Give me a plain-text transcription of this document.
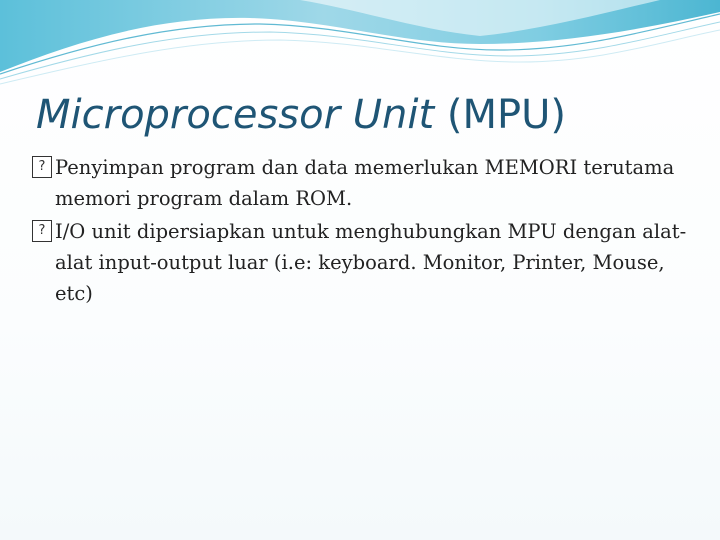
Microprocessor Unit (MPU)
?
Penyimpan program dan data memerlukan MEMORI terutama memori program dalam ROM.
?
I/O unit dipersiapkan untuk menghubungkan MPU dengan alat-alat input-output luar (i.e: keyboard. Monitor, Printer, Mouse, etc)
